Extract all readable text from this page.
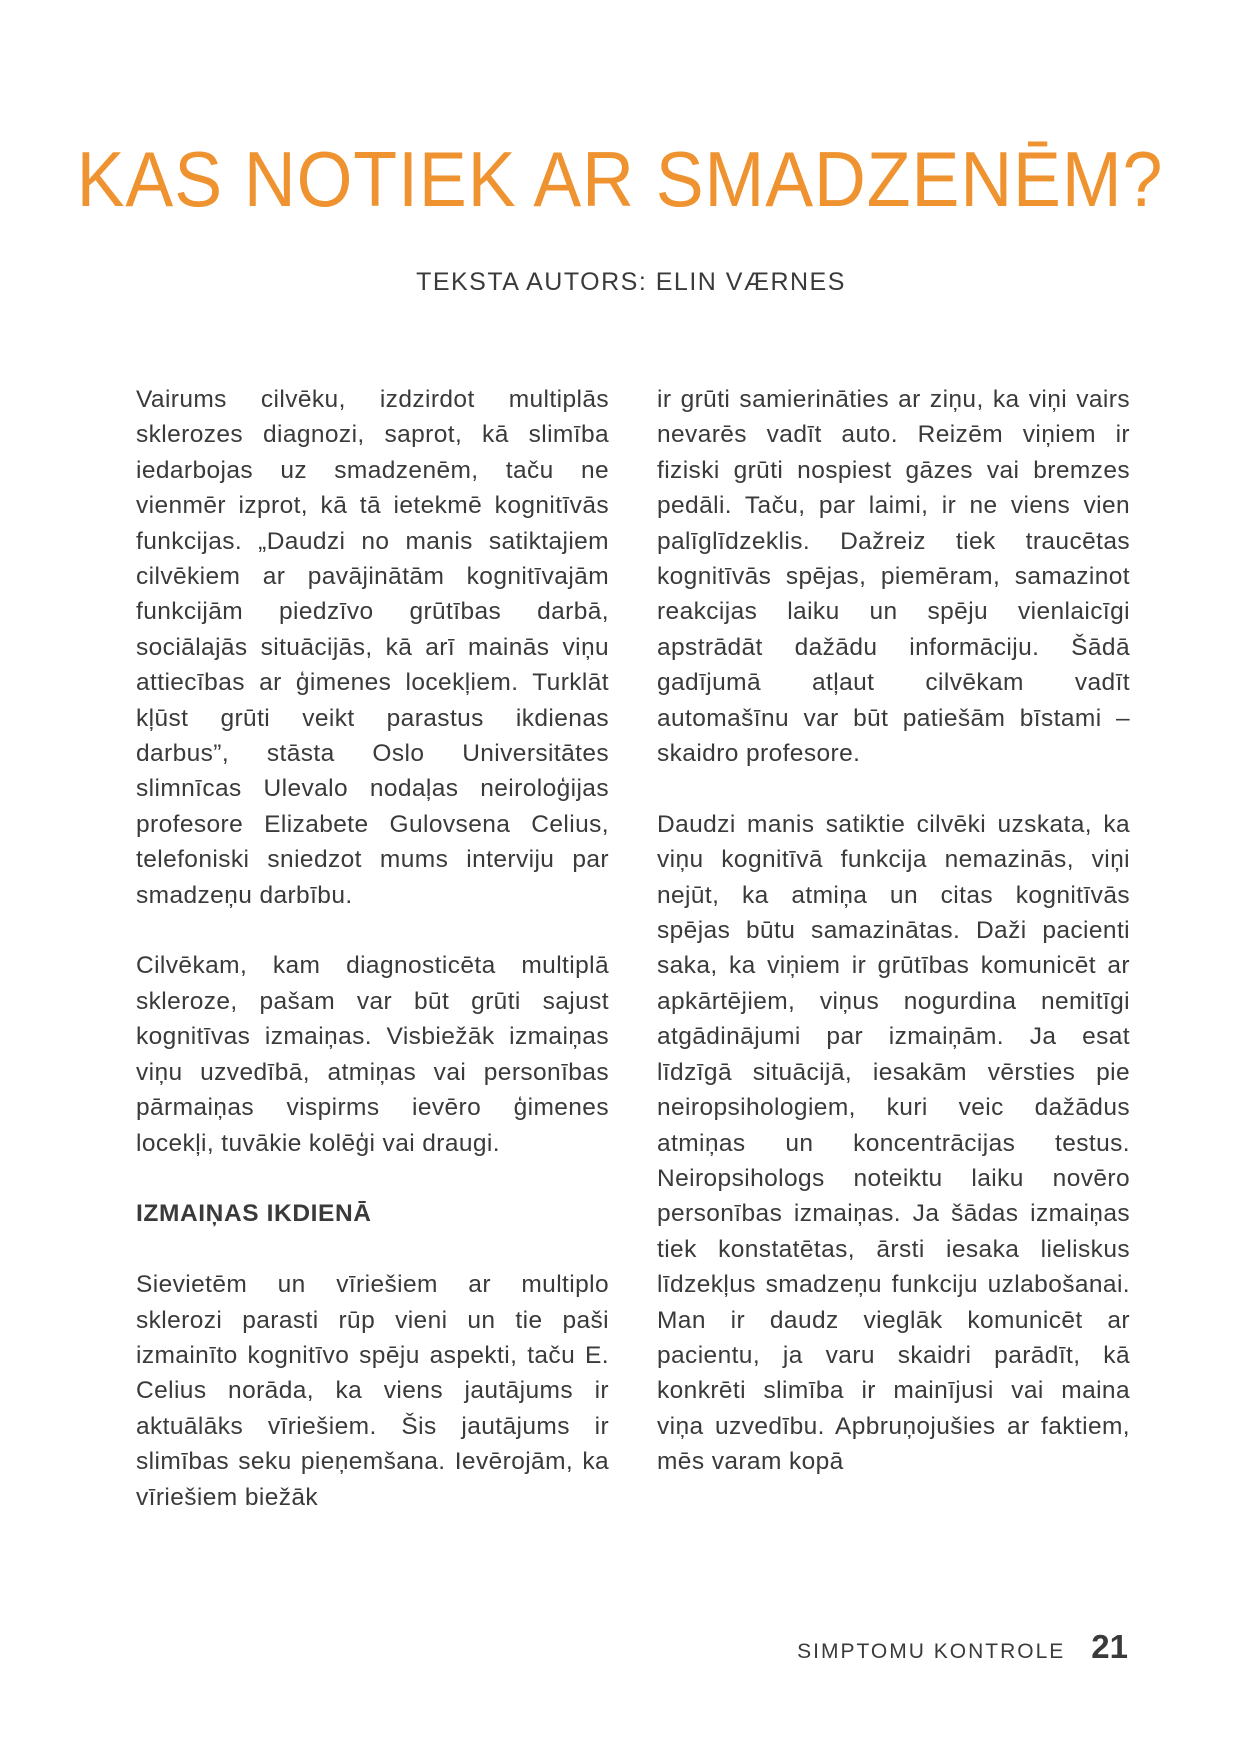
KAS NOTIEK AR SMADZENĒM?
TEKSTA AUTORS: ELIN VÆRNES

Vairums cilvēku, izdzirdot multiplās sklerozes diagnozi, saprot, kā slimība iedarbojas uz smadzenēm, taču ne vienmēr izprot, kā tā ietekmē kognitīvās funkcijas. „Daudzi no manis satiktajiem cilvēkiem ar pavājinātām kognitīvajām funkcijām piedzīvo grūtības darbā, sociālajās situācijās, kā arī mainās viņu attiecības ar ģimenes locekļiem. Turklāt kļūst grūti veikt parastus ikdienas darbus”, stāsta Oslo Universitātes slimnīcas Ulevalo nodaļas neiroloģijas profesore Elizabete Gulovsena Celius, telefoniski sniedzot mums interviju par smadzeņu darbību.

Cilvēkam, kam diagnosticēta multiplā skleroze, pašam var būt grūti sajust kognitīvas izmaiņas. Visbiežāk izmaiņas viņu uzvedībā, atmiņas vai personības pārmaiņas vispirms ievēro ģimenes locekļi, tuvākie kolēģi vai draugi.

IZMAIŅAS IKDIENĀ

Sievietēm un vīriešiem ar multiplo sklerozi parasti rūp vieni un tie paši izmainīto kognitīvo spēju aspekti, taču E. Celius norāda, ka viens jautājums ir aktuālāks vīriešiem. Šis jautājums ir slimības seku pieņemšana. Ievērojām, ka vīriešiem biežāk

ir grūti samierināties ar ziņu, ka viņi vairs nevarēs vadīt auto. Reizēm viņiem ir fiziski grūti nospiest gāzes vai bremzes pedāli. Taču, par laimi, ir ne viens vien palīglīdzeklis. Dažreiz tiek traucētas kognitīvās spējas, piemēram, samazinot reakcijas laiku un spēju vienlaicīgi apstrādāt dažādu informāciju. Šādā gadījumā atļaut cilvēkam vadīt automašīnu var būt patiešām bīstami – skaidro profesore.

Daudzi manis satiktie cilvēki uzskata, ka viņu kognitīvā funkcija nemazinās, viņi nejūt, ka atmiņa un citas kognitīvās spējas būtu samazinātas. Daži pacienti saka, ka viņiem ir grūtības komunicēt ar apkārtējiem, viņus nogurdina nemitīgi atgādinājumi par izmaiņām. Ja esat līdzīgā situācijā, iesakām vērsties pie neiropsihologiem, kuri veic dažādus atmiņas un koncentrācijas testus. Neiropsihologs noteiktu laiku novēro personības izmaiņas. Ja šādas izmaiņas tiek konstatētas, ārsti iesaka lieliskus līdzekļus smadzeņu funkciju uzlabošanai. Man ir daudz vieglāk komunicēt ar pacientu, ja varu skaidri parādīt, kā konkrēti slimība ir mainījusi vai maina viņa uzvedību. Apbruņojušies ar faktiem, mēs varam kopā

SIMPTOMU KONTROLE 21
